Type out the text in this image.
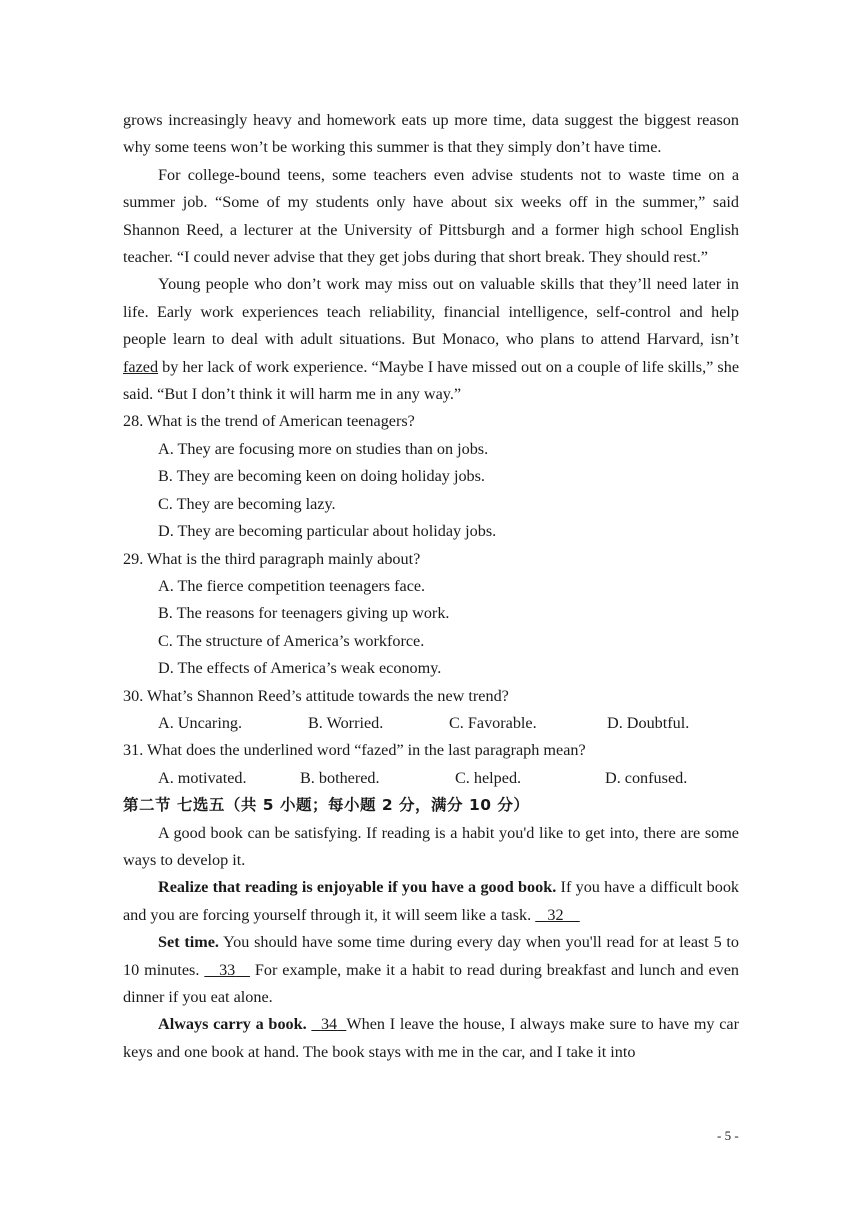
grows increasingly heavy and homework eats up more time, data suggest the biggest reason why some teens won’t be working this summer is that they simply don’t have time.

For college-bound teens, some teachers even advise students not to waste time on a summer job. “Some of my students only have about six weeks off in the summer,” said Shannon Reed, a lecturer at the University of Pittsburgh and a former high school English teacher. “I could never advise that they get jobs during that short break. They should rest.”

Young people who don’t work may miss out on valuable skills that they’ll need later in life. Early work experiences teach reliability, financial intelligence, self-control and help people learn to deal with adult situations. But Monaco, who plans to attend Harvard, isn’t fazed by her lack of work experience. “Maybe I have missed out on a couple of life skills,” she said. “But I don’t think it will harm me in any way.”

28. What is the trend of American teenagers?

A. They are focusing more on studies than on jobs.

B. They are becoming keen on doing holiday jobs.

C. They are becoming lazy.

D. They are becoming particular about holiday jobs.

29. What is the third paragraph mainly about?

A. The fierce competition teenagers face.

B. The reasons for teenagers giving up work.

C. The structure of America’s workforce.

D. The effects of America’s weak economy.

30. What’s Shannon Reed’s attitude towards the new trend?

A. Uncaring.	B. Worried.	C. Favorable.	D. Doubtful.

31. What does the underlined word “fazed” in the last paragraph mean?

A. motivated.	B. bothered.	C. helped.	D. confused.

第二节 七选五（共 5 小题；每小题 2 分，满分 10 分）

A good book can be satisfying. If reading is a habit you'd like to get into, there are some ways to develop it.

Realize that reading is enjoyable if you have a good book. If you have a difficult book and you are forcing yourself through it, it will seem like a task. 32

Set time. You should have some time during every day when you'll read for at least 5 to 10 minutes. 33    For example, make it a habit to read during breakfast and lunch and even dinner if you eat alone.

Always carry a book. 34 When I leave the house, I always make sure to have my car keys and one book at hand. The book stays with me in the car, and I take it into

- 5 -
